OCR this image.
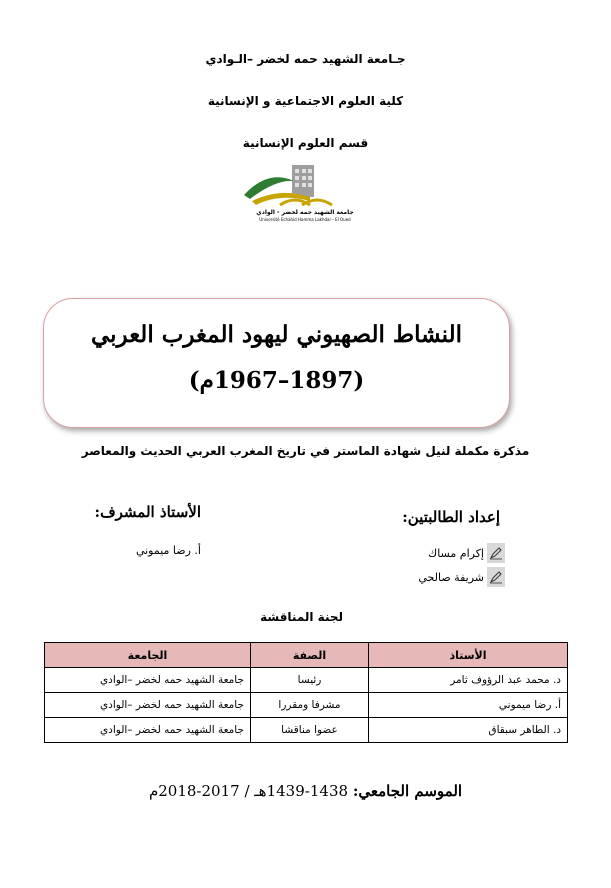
جـامعة الشهيد حمه لخضر –الـوادي
كلية العلوم الاجتماعية و الإنسانية
قسم العلوم الإنسانية
جامعة الشهيد حمه لخضر - الوادي
Université Echahid Hamma Lakhdar - El Oued
النشاط الصهيوني ليهود المغرب العربي
(1897–1967م)
مذكرة مكملة لنيل شهادة الماستر في تاريخ المغرب العربي الحديث والمعاصر
إعداد الطالبتين:
الأستاذ المشرف:
إكرام مساك
شريفة صالحي
أ. رضا ميموني
لجنة المناقشة
الأستاذ	الصفة	الجامعة
د. محمد عبد الرؤوف ثامر	رئيسا	جامعة الشهيد حمه لخضر –الوادي
أ. رضا ميموني	مشرفا ومقررا	جامعة الشهيد حمه لخضر –الوادي
د. الطاهر سبقاق	عضوا مناقشا	جامعة الشهيد حمه لخضر –الوادي
الموسم الجامعي: 1438-1439هـ / 2017-2018م
